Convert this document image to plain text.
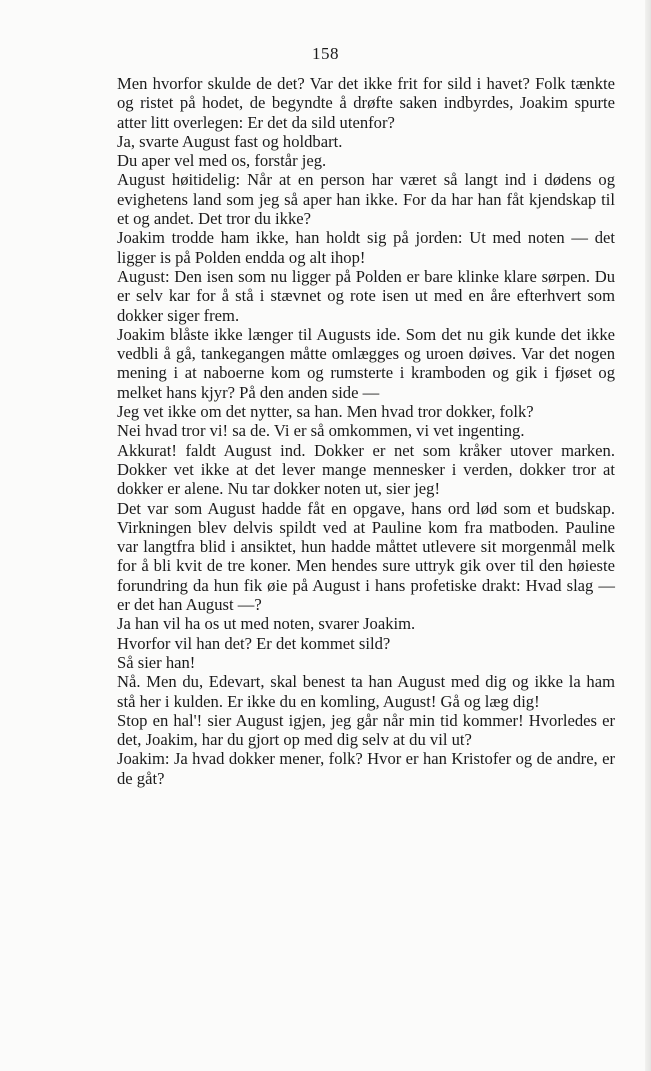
158

Men hvorfor skulde de det? Var det ikke frit for sild i havet? Folk tænkte og ristet på hodet, de begyndte å drøfte saken indbyrdes, Joakim spurte atter litt overlegen: Er det da sild utenfor?

Ja, svarte August fast og holdbart.

Du aper vel med os, forstår jeg.

August høitidelig: Når at en person har været så langt ind i dødens og evighetens land som jeg så aper han ikke. For da har han fåt kjendskap til et og andet. Det tror du ikke?

Joakim trodde ham ikke, han holdt sig på jorden: Ut med noten — det ligger is på Polden endda og alt ihop!

August: Den isen som nu ligger på Polden er bare klinke klare sørpen. Du er selv kar for å stå i stævnet og rote isen ut med en åre efterhvert som dokker siger frem.

Joakim blåste ikke længer til Augusts ide. Som det nu gik kunde det ikke vedbli å gå, tankegangen måtte omlægges og uroen døives. Var det nogen mening i at naboerne kom og rumsterte i kramboden og gik i fjøset og melket hans kjyr? På den anden side —

Jeg vet ikke om det nytter, sa han. Men hvad tror dokker, folk?

Nei hvad tror vi! sa de. Vi er så omkommen, vi vet ingenting.

Akkurat! faldt August ind. Dokker er net som kråker utover marken. Dokker vet ikke at det lever mange mennesker i verden, dokker tror at dokker er alene. Nu tar dokker noten ut, sier jeg!

Det var som August hadde fåt en opgave, hans ord lød som et budskap. Virkningen blev delvis spildt ved at Pauline kom fra matboden. Pauline var langtfra blid i ansiktet, hun hadde måttet utlevere sit morgenmål melk for å bli kvit de tre koner. Men hendes sure uttryk gik over til den høieste forundring da hun fik øie på August i hans profetiske drakt: Hvad slag — er det han August —?

Ja han vil ha os ut med noten, svarer Joakim.

Hvorfor vil han det? Er det kommet sild?

Så sier han!

Nå. Men du, Edevart, skal benest ta han August med dig og ikke la ham stå her i kulden. Er ikke du en komling, August! Gå og læg dig!

Stop en hal'! sier August igjen, jeg går når min tid kommer! Hvorledes er det, Joakim, har du gjort op med dig selv at du vil ut?

Joakim: Ja hvad dokker mener, folk? Hvor er han Kristofer og de andre, er de gåt?
